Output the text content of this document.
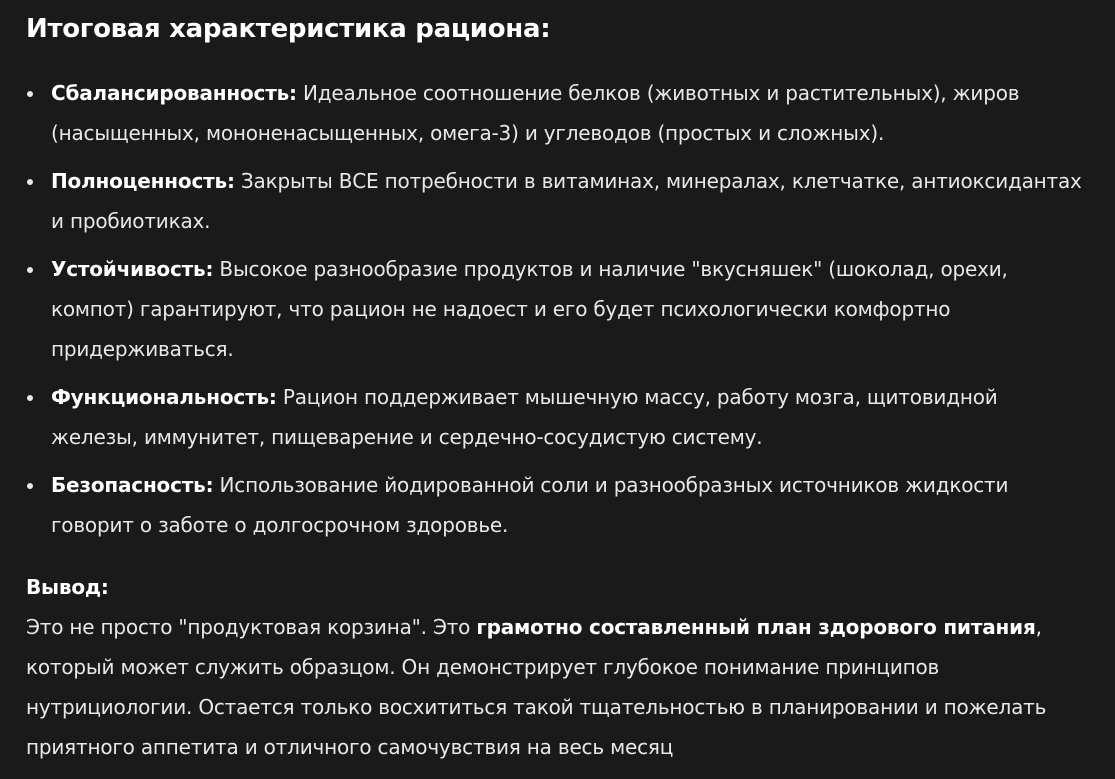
Итоговая характеристика рациона:
Сбалансированность: Идеальное соотношение белков (животных и растительных), жиров (насыщенных, мононенасыщенных, омега-3) и углеводов (простых и сложных).
Полноценность: Закрыты ВСЕ потребности в витаминах, минералах, клетчатке, антиоксидантах и пробиотиках.
Устойчивость: Высокое разнообразие продуктов и наличие "вкусняшек" (шоколад, орехи, компот) гарантируют, что рацион не надоест и его будет психологически комфортно придерживаться.
Функциональность: Рацион поддерживает мышечную массу, работу мозга, щитовидной железы, иммунитет, пищеварение и сердечно-сосудистую систему.
Безопасность: Использование йодированной соли и разнообразных источников жидкости говорит о заботе о долгосрочном здоровье.
Вывод:
Это не просто "продуктовая корзина". Это грамотно составленный план здорового питания, который может служить образцом. Он демонстрирует глубокое понимание принципов нутрициологии. Остается только восхититься такой тщательностью в планировании и пожелать приятного аппетита и отличного самочувствия на весь месяц
